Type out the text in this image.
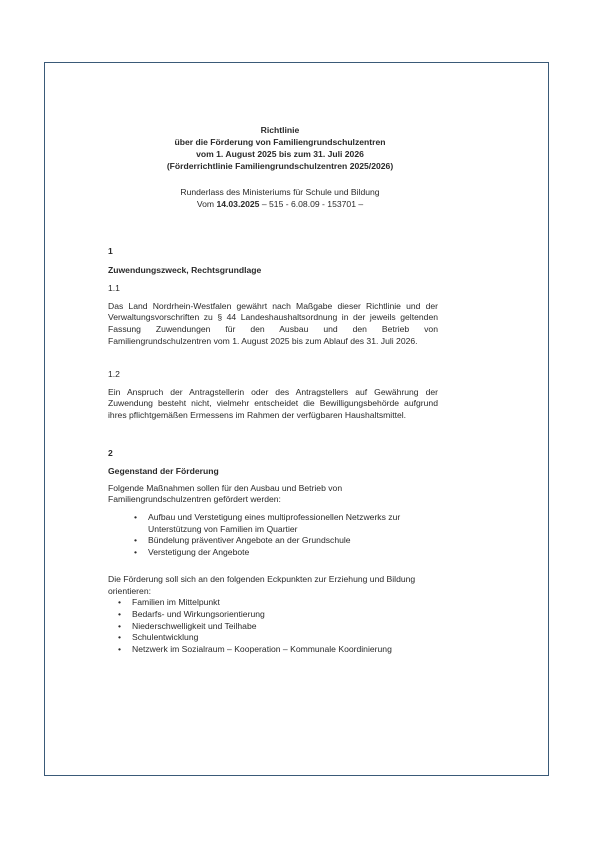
Richtlinie
über die Förderung von Familiengrundschulzentren
vom 1. August 2025 bis zum 31. Juli 2026
(Förderrichtlinie Familiengrundschulzentren 2025/2026)
Runderlass des Ministeriums für Schule und Bildung
Vom 14.03.2025 – 515 - 6.08.09 - 153701 –
1
Zuwendungszweck, Rechtsgrundlage
1.1
Das Land Nordrhein-Westfalen gewährt nach Maßgabe dieser Richtlinie und der Verwaltungsvorschriften zu § 44 Landeshaushaltsordnung in der jeweils geltenden Fassung Zuwendungen für den Ausbau und den Betrieb von Familiengrundschulzentren vom 1. August 2025 bis zum Ablauf des 31. Juli 2026.
1.2
Ein Anspruch der Antragstellerin oder des Antragstellers auf Gewährung der Zuwendung besteht nicht, vielmehr entscheidet die Bewilligungsbehörde aufgrund ihres pflichtgemäßen Ermessens im Rahmen der verfügbaren Haushaltsmittel.
2
Gegenstand der Förderung
Folgende Maßnahmen sollen für den Ausbau und Betrieb von Familiengrundschulzentren gefördert werden:
• Aufbau und Verstetigung eines multiprofessionellen Netzwerks zur Unterstützung von Familien im Quartier
• Bündelung präventiver Angebote an der Grundschule
• Verstetigung der Angebote
Die Förderung soll sich an den folgenden Eckpunkten zur Erziehung und Bildung orientieren:
• Familien im Mittelpunkt
• Bedarfs- und Wirkungsorientierung
• Niederschwelligkeit und Teilhabe
• Schulentwicklung
• Netzwerk im Sozialraum – Kooperation – Kommunale Koordinierung
